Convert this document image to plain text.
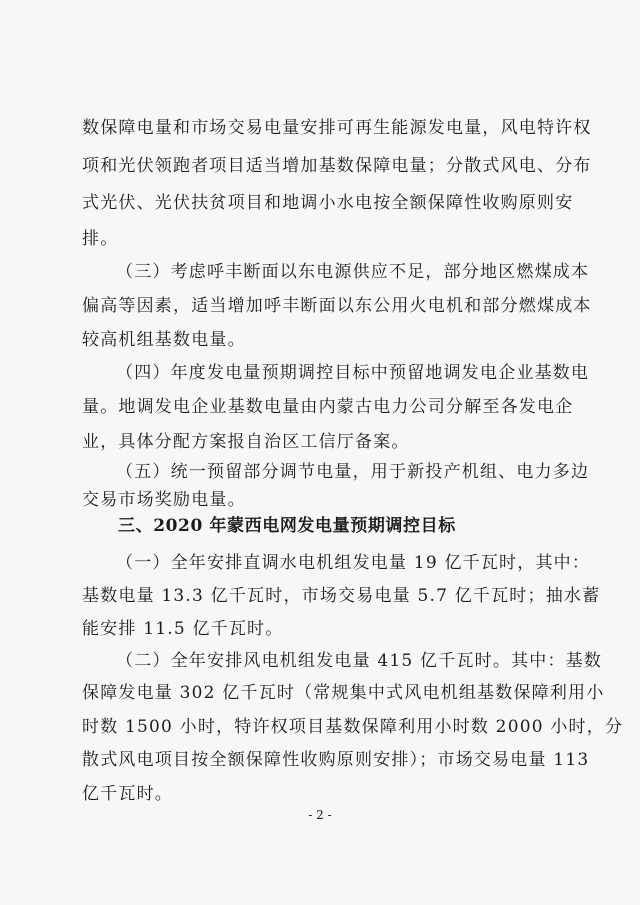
数保障电量和市场交易电量安排可再生能源发电量，风电特许权
项和光伏领跑者项目适当增加基数保障电量；分散式风电、分布
式光伏、光伏扶贫项目和地调小水电按全额保障性收购原则安
排。
（三）考虑呼丰断面以东电源供应不足，部分地区燃煤成本
偏高等因素，适当增加呼丰断面以东公用火电机和部分燃煤成本
较高机组基数电量。
（四）年度发电量预期调控目标中预留地调发电企业基数电
量。地调发电企业基数电量由内蒙古电力公司分解至各发电企
业，具体分配方案报自治区工信厅备案。
（五）统一预留部分调节电量，用于新投产机组、电力多边
交易市场奖励电量。
三、2020 年蒙西电网发电量预期调控目标
（一）全年安排直调水电机组发电量 19 亿千瓦时，其中：
基数电量 13.3 亿千瓦时，市场交易电量 5.7 亿千瓦时；抽水蓄
能安排 11.5 亿千瓦时。
（二）全年安排风电机组发电量 415 亿千瓦时。其中：基数
保障发电量 302 亿千瓦时（常规集中式风电机组基数保障利用小
时数 1500 小时，特许权项目基数保障利用小时数 2000 小时，分
散式风电项目按全额保障性收购原则安排）；市场交易电量 113
亿千瓦时。
- 2 -
